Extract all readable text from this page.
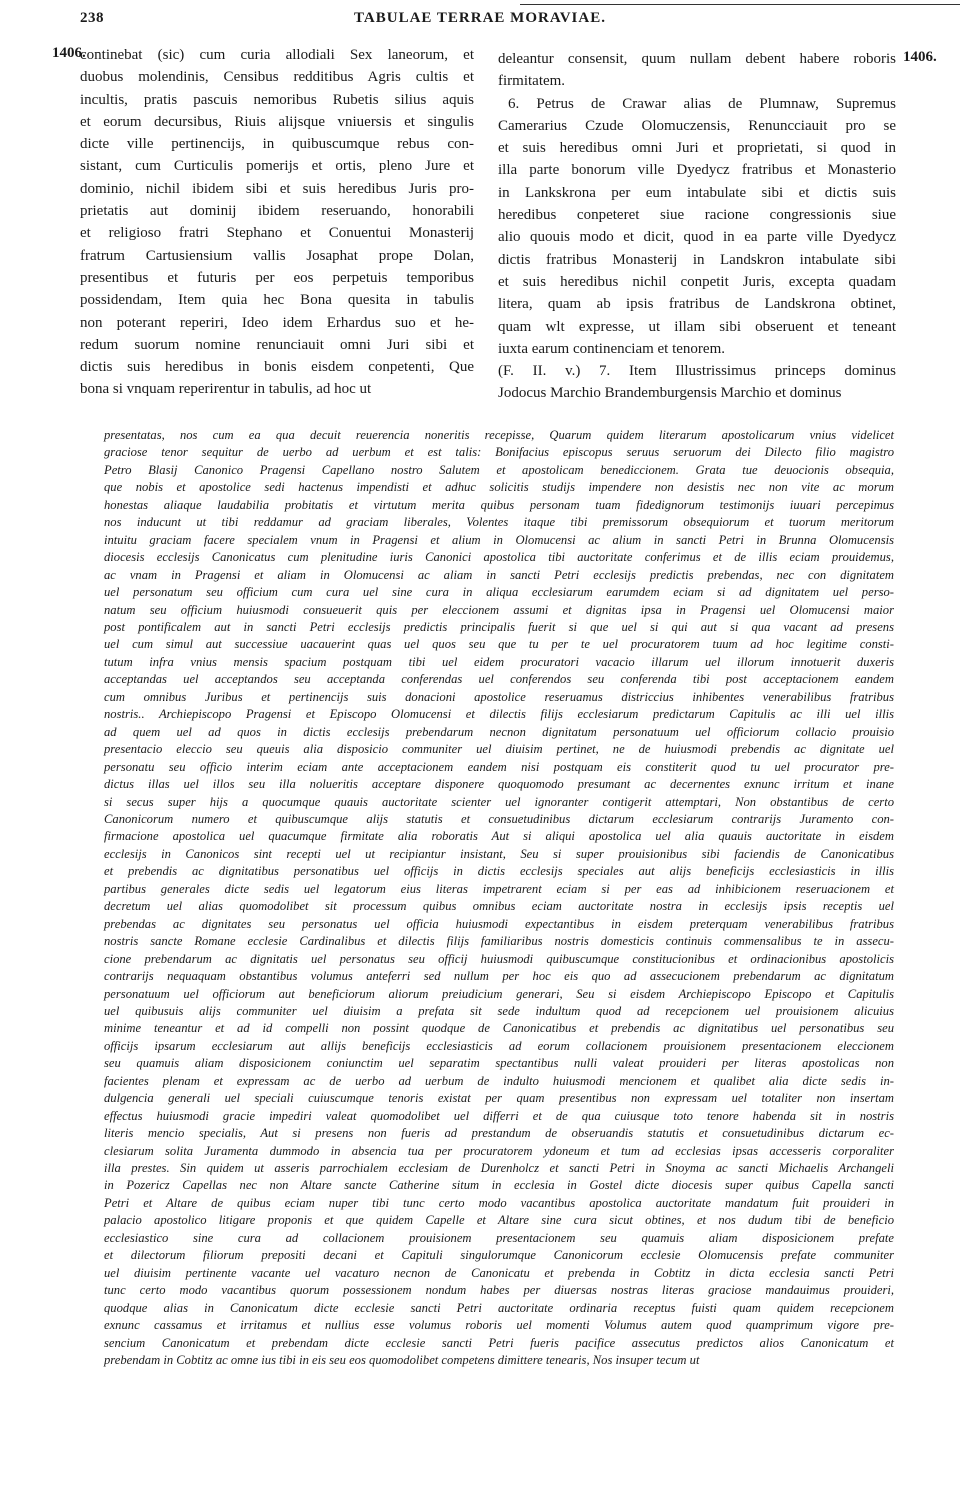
238	TABULAE TERRAE MORAVIAE.
1406.	1406.
continebat (sic) cum curia allodiali Sex laneorum, et
duobus molendinis, Censibus redditibus Agris cultis et
incultis, pratis pascuis nemoribus Rubetis silius aquis
et eorum decursibus, Riuis alijsque vniuersis et singulis
dicte ville pertinencijs, in quibuscumque rebus con-
sistant, cum Curticulis pomerijs et ortis, pleno Jure et
dominio, nichil ibidem sibi et suis heredibus Juris pro-
prietatis aut dominij ibidem reseruando, honorabili
et religioso fratri Stephano et Conuentui Monasterij
fratrum Cartusiensium vallis Josaphat prope Dolan,
presentibus et futuris per eos perpetuis temporibus
possidendam, Item quia hec Bona quesita in tabulis
non poterant reperiri, Ideo idem Erhardus suo et he-
redum suorum nomine renunciauit omni Juri sibi et
dictis suis heredibus in bonis eisdem conpetenti, Que
bona si vnquam reperirentur in tabulis, ad hoc ut
deleantur consensit, quum nullam debent habere roboris
firmitatem.
6. Petrus de Crawar alias de Plumnaw, Supremus
Camerarius Czude Olomuczensis, Renuncciauit pro se
et suis heredibus omni Juri et proprietati, si quod in
illa parte bonorum ville Dyedycz fratribus et Monasterio
in Lankskrona per eum intabulate sibi et dictis suis
heredibus conpeteret siue racione congressionis siue
alio quouis modo et dicit, quod in ea parte ville Dyedycz
dictis fratribus Monasterij in Landskron intabulate sibi
et suis heredibus nichil conpetit Juris, excepta quadam
litera, quam ab ipsis fratribus de Landskrona obtinet,
quam wlt expresse, ut illam sibi obseruent et teneant
iuxta earum continenciam et tenorem.
(F. II. v.) 7. Item Illustrissimus princeps dominus
Jodocus Marchio Brandemburgensis Marchio et dominus
presentatas, nos cum ea qua decuit reuerencia noneritis recepisse, Quarum quidem literarum apostolicarum vnius videlicet
graciose tenor sequitur de uerbo ad uerbum et est talis: Bonifacius episcopus seruus seruorum dei Dilecto filio magistro
Petro Blasij Canonico Pragensi Capellano nostro Salutem et apostolicam benediccionem. Grata tue deuocionis obsequia,
que nobis et apostolice sedi hactenus impendisti et adhuc solicitis studijs impendere non desistis nec non vite ac morum
honestas aliaque laudabilia probitatis et virtutum merita quibus personam tuam fidedignorum testimonijs iuuari percepimus
nos inducunt ut tibi reddamur ad graciam liberales, Volentes itaque tibi premissorum obsequiorum et tuorum meritorum
intuitu graciam facere specialem vnum in Pragensi et alium in Olomucensi ac alium in sancti Petri in Brunna Olomucensis
diocesis ecclesijs Canonicatus cum plenitudine iuris Canonici apostolica tibi auctoritate conferimus et de illis eciam prouidemus,
ac vnam in Pragensi et aliam in Olomucensi ac aliam in sancti Petri ecclesijs predictis prebendas, nec con dignitatem
uel personatum seu officium cum cura uel sine cura in aliqua ecclesiarum earumdem eciam si ad dignitatem uel perso-
natum seu officium huiusmodi consueuerit quis per eleccionem assumi et dignitas ipsa in Pragensi uel Olomucensi maior
post pontificalem aut in sancti Petri ecclesijs predictis principalis fuerit si que uel si qui aut si qua vacant ad presens
uel cum simul aut successiue uacauerint quas uel quos seu que tu per te uel procuratorem tuum ad hoc legitime consti-
tutum infra vnius mensis spacium postquam tibi uel eidem procuratori vacacio illarum uel illorum innotuerit duxeris
acceptandas uel acceptandos seu acceptanda conferendas uel conferendos seu conferenda tibi post acceptacionem eandem
cum omnibus Juribus et pertinencijs suis donacioni apostolice reseruamus districcius inhibentes venerabilibus fratribus
nostris.. Archiepiscopo Pragensi et Episcopo Olomucensi et dilectis filijs ecclesiarum predictarum Capitulis ac illi uel illis
ad quem uel ad quos in dictis ecclesijs prebendarum necnon dignitatum personatuum uel officiorum collacio prouisio
presentacio eleccio seu queuis alia disposicio communiter uel diuisim pertinet, ne de huiusmodi prebendis ac dignitate uel
personatu seu officio interim eciam ante acceptacionem eandem nisi postquam eis constiterit quod tu uel procurator pre-
dictus illas uel illos seu illa nolueritis acceptare disponere quoquomodo presumant ac decernentes exnunc irritum et inane
si secus super hijs a quocumque quauis auctoritate scienter uel ignoranter contigerit attemptari, Non obstantibus de certo
Canonicorum numero et quibuscumque alijs statutis et consuetudinibus dictarum ecclesiarum contrarijs Juramento con-
firmacione apostolica uel quacumque firmitate alia roboratis Aut si aliqui apostolica uel alia quauis auctoritate in eisdem
ecclesijs in Canonicos sint recepti uel ut recipiantur insistant, Seu si super prouisionibus sibi faciendis de Canonicatibus
et prebendis ac dignitatibus personatibus uel officijs in dictis ecclesijs speciales aut alijs beneficijs ecclesiasticis in illis
partibus generales dicte sedis uel legatorum eius literas impetrarent eciam si per eas ad inhibicionem reseruacionem et
decretum uel alias quomodolibet sit processum quibus omnibus eciam auctoritate nostra in ecclesijs ipsis receptis uel
prebendas ac dignitates seu personatus uel officia huiusmodi expectantibus in eisdem preterquam venerabilibus fratribus
nostris sancte Romane ecclesie Cardinalibus et dilectis filijs familiaribus nostris domesticis continuis commensalibus te in assecu-
cione prebendarum ac dignitatis uel personatus seu officij huiusmodi quibuscumque constitucionibus et ordinacionibus apostolicis
contrarijs nequaquam obstantibus volumus anteferri sed nullum per hoc eis quo ad assecucionem prebendarum ac dignitatum
personatuum uel officiorum aut beneficiorum aliorum preiudicium generari, Seu si eisdem Archiepiscopo Episcopo et Capitulis
uel quibusuis alijs communiter uel diuisim a prefata sit sede indultum quod ad recepcionem uel prouisionem alicuius
minime teneantur et ad id compelli non possint quodque de Canonicatibus et prebendis ac dignitatibus uel personatibus seu
officijs ipsarum ecclesiarum aut allijs beneficijs ecclesiasticis ad eorum collacionem prouisionem presentacionem eleccionem
seu quamuis aliam disposicionem coniunctim uel separatim spectantibus nulli valeat prouideri per literas apostolicas non
facientes plenam et expressam ac de uerbo ad uerbum de indulto huiusmodi mencionem et qualibet alia dicte sedis in-
dulgencia generali uel speciali cuiuscumque tenoris existat per quam presentibus non expressam uel totaliter non insertam
effectus huiusmodi gracie impediri valeat quomodolibet uel differri et de qua cuiusque toto tenore habenda sit in nostris
literis mencio specialis, Aut si presens non fueris ad prestandum de obseruandis statutis et consuetudinibus dictarum ec-
clesiarum solita Juramenta dummodo in absencia tua per procuratorem ydoneum et tum ad ecclesias ipsas accesseris corporaliter
illa prestes. Sin quidem ut asseris parrochialem ecclesiam de Durenholcz et sancti Petri in Snoyma ac sancti Michaelis Archangeli
in Pozericz Capellas nec non Altare sancte Catherine situm in ecclesia in Gostel dicte diocesis super quibus Capella sancti
Petri et Altare de quibus eciam nuper tibi tunc certo modo vacantibus apostolica auctoritate mandatum fuit prouideri in
palacio apostolico litigare proponis et que quidem Capelle et Altare sine cura sicut obtines, et nos dudum tibi de beneficio
ecclesiastico sine cura ad collacionem prouisionem presentacionem seu quamuis aliam disposicionem prefate
et dilectorum filiorum prepositi decani et Capituli singulorumque Canonicorum ecclesie Olomucensis prefate communiter
uel diuisim pertinente vacante uel vacaturo necnon de Canonicatu et prebenda in Cobtitz in dicta ecclesia sancti Petri
tunc certo modo vacantibus quorum possessionem nondum habes per diuersas nostras literas graciose mandauimus prouideri,
quodque alias in Canonicatum dicte ecclesie sancti Petri auctoritate ordinaria receptus fuisti quam quidem recepcionem
exnunc cassamus et irritamus et nullius esse volumus roboris uel momenti Volumus autem quod quamprimum vigore pre-
sencium Canonicatum et prebendam dicte ecclesie sancti Petri fueris pacifice assecutus predictos alios Canonicatum et
prebendam in Cobtitz ac omne ius tibi in eis seu eos quomodolibet competens dimittere tenearis, Nos insuper tecum ut
